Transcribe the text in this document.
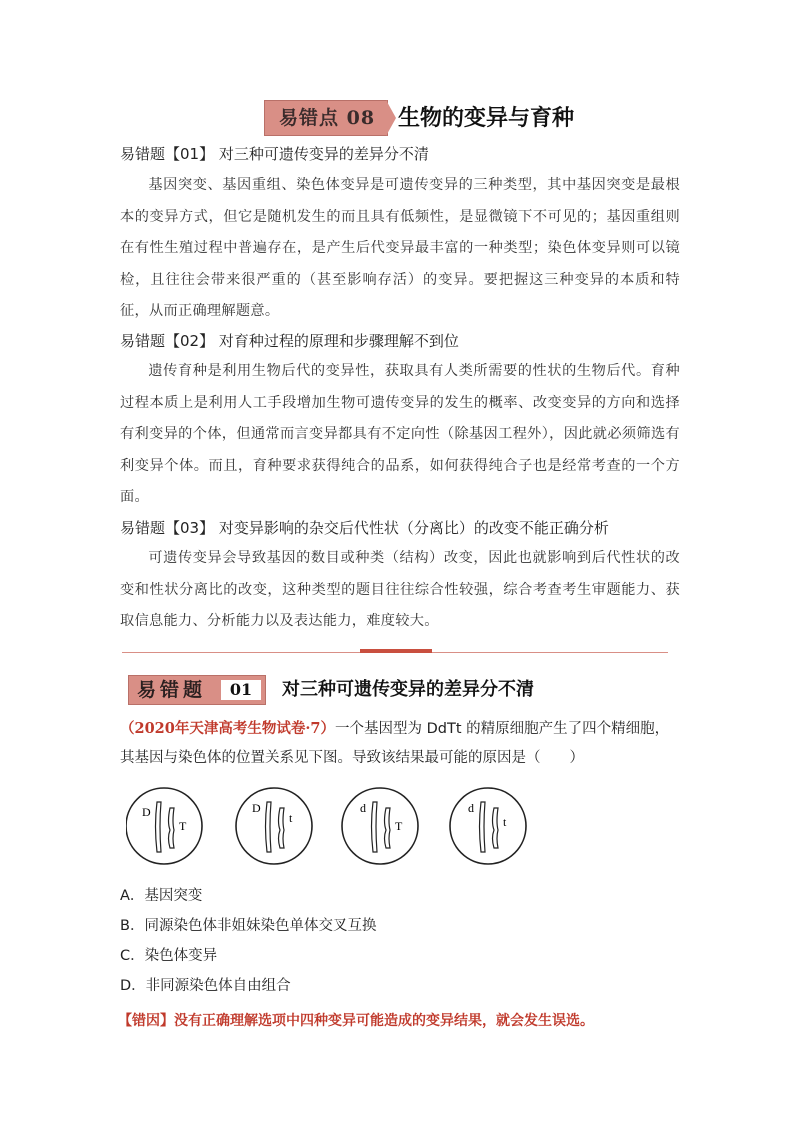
易错点 08	生物的变异与育种
易错题【01】 对三种可遗传变异的差异分不清
基因突变、基因重组、染色体变异是可遗传变异的三种类型，其中基因突变是最根本的变异方式，但它是随机发生的而且具有低频性，是显微镜下不可见的；基因重组则在有性生殖过程中普遍存在，是产生后代变异最丰富的一种类型；染色体变异则可以镜检，且往往会带来很严重的（甚至影响存活）的变异。要把握这三种变异的本质和特征，从而正确理解题意。
易错题【02】 对育种过程的原理和步骤理解不到位
遗传育种是利用生物后代的变异性，获取具有人类所需要的性状的生物后代。育种过程本质上是利用人工手段增加生物可遗传变异的发生的概率、改变变异的方向和选择有利变异的个体，但通常而言变异都具有不定向性（除基因工程外），因此就必须筛选有利变异个体。而且，育种要求获得纯合的品系，如何获得纯合子也是经常考查的一个方面。
易错题【03】 对变异影响的杂交后代性状（分离比）的改变不能正确分析
可遗传变异会导致基因的数目或种类（结构）改变，因此也就影响到后代性状的改变和性状分离比的改变，这种类型的题目往往综合性较强，综合考查考生审题能力、获取信息能力、分析能力以及表达能力，难度较大。
易错题	01	对三种可遗传变异的差异分不清
（2020年天津高考生物试卷·7）一个基因型为 DdTt 的精原细胞产生了四个精细胞，其基因与染色体的位置关系见下图。导致该结果最可能的原因是（　　）
D
T
D
t
d
T
d
t
A．基因突变
B．同源染色体非姐妹染色单体交叉互换
C．染色体变异
D．非同源染色体自由组合
【错因】没有正确理解选项中四种变异可能造成的变异结果，就会发生误选。
